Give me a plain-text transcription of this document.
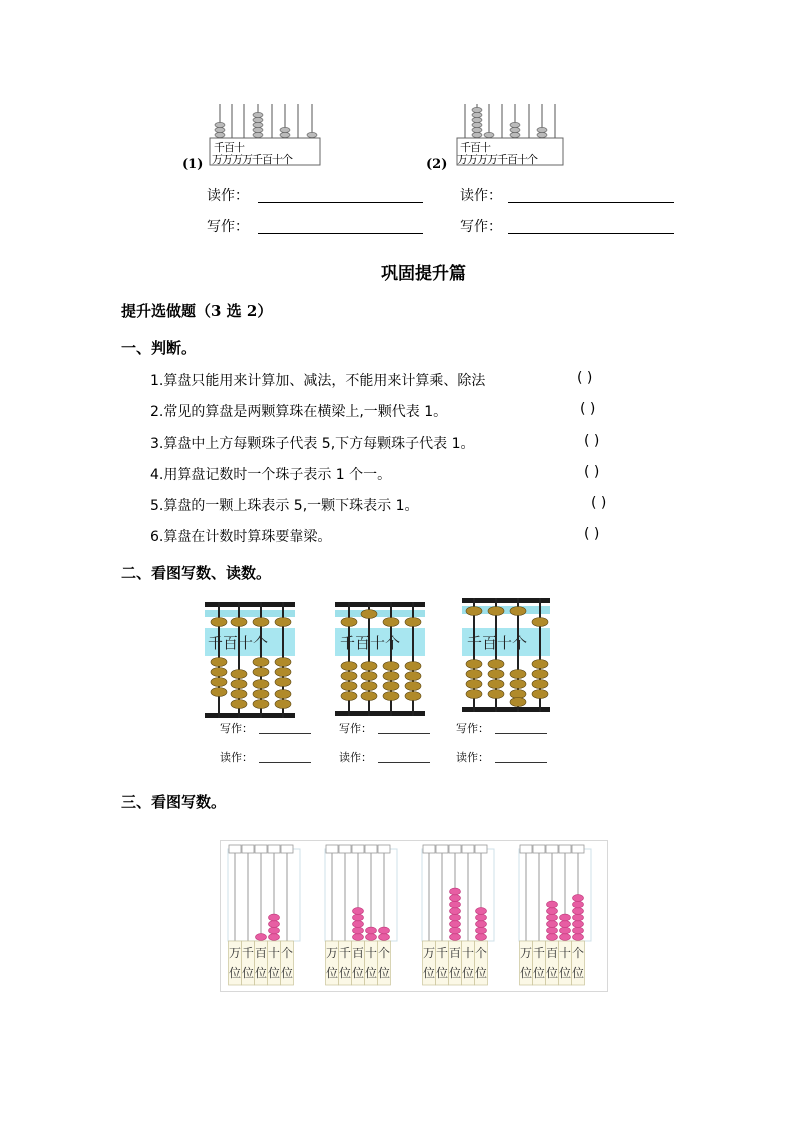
千百十
万万万万千百十个
(1)
千百十
万万万万千百十个
(2)
读作：	读作：
写作：	写作：
巩固提升篇
提升选做题（3 选 2）
一、判断。
1.算盘只能用来计算加、减法，不能用来计算乘、除法	( )
2.常见的算盘是两颗算珠在横梁上,一颗代表 1。	( )
3.算盘中上方每颗珠子代表 5,下方每颗珠子代表 1。	( )
4.用算盘记数时一个珠子表示 1 个一。	( )
5.算盘的一颗上珠表示 5,一颗下珠表示 1。	( )
6.算盘在计数时算珠要靠梁。	( )
二、看图写数、读数。
千百十个	千百十个	千百十个
写作：	写作：	写作：
读作：	读作：	读作：
三、看图写数。
万
位
千
位
百
位
十
位
个
位
万
位
千
位
百
位
十
位
个
位
万
位
千
位
百
位
十
位
个
位
万
位
千
位
百
位
十
位
个
位
